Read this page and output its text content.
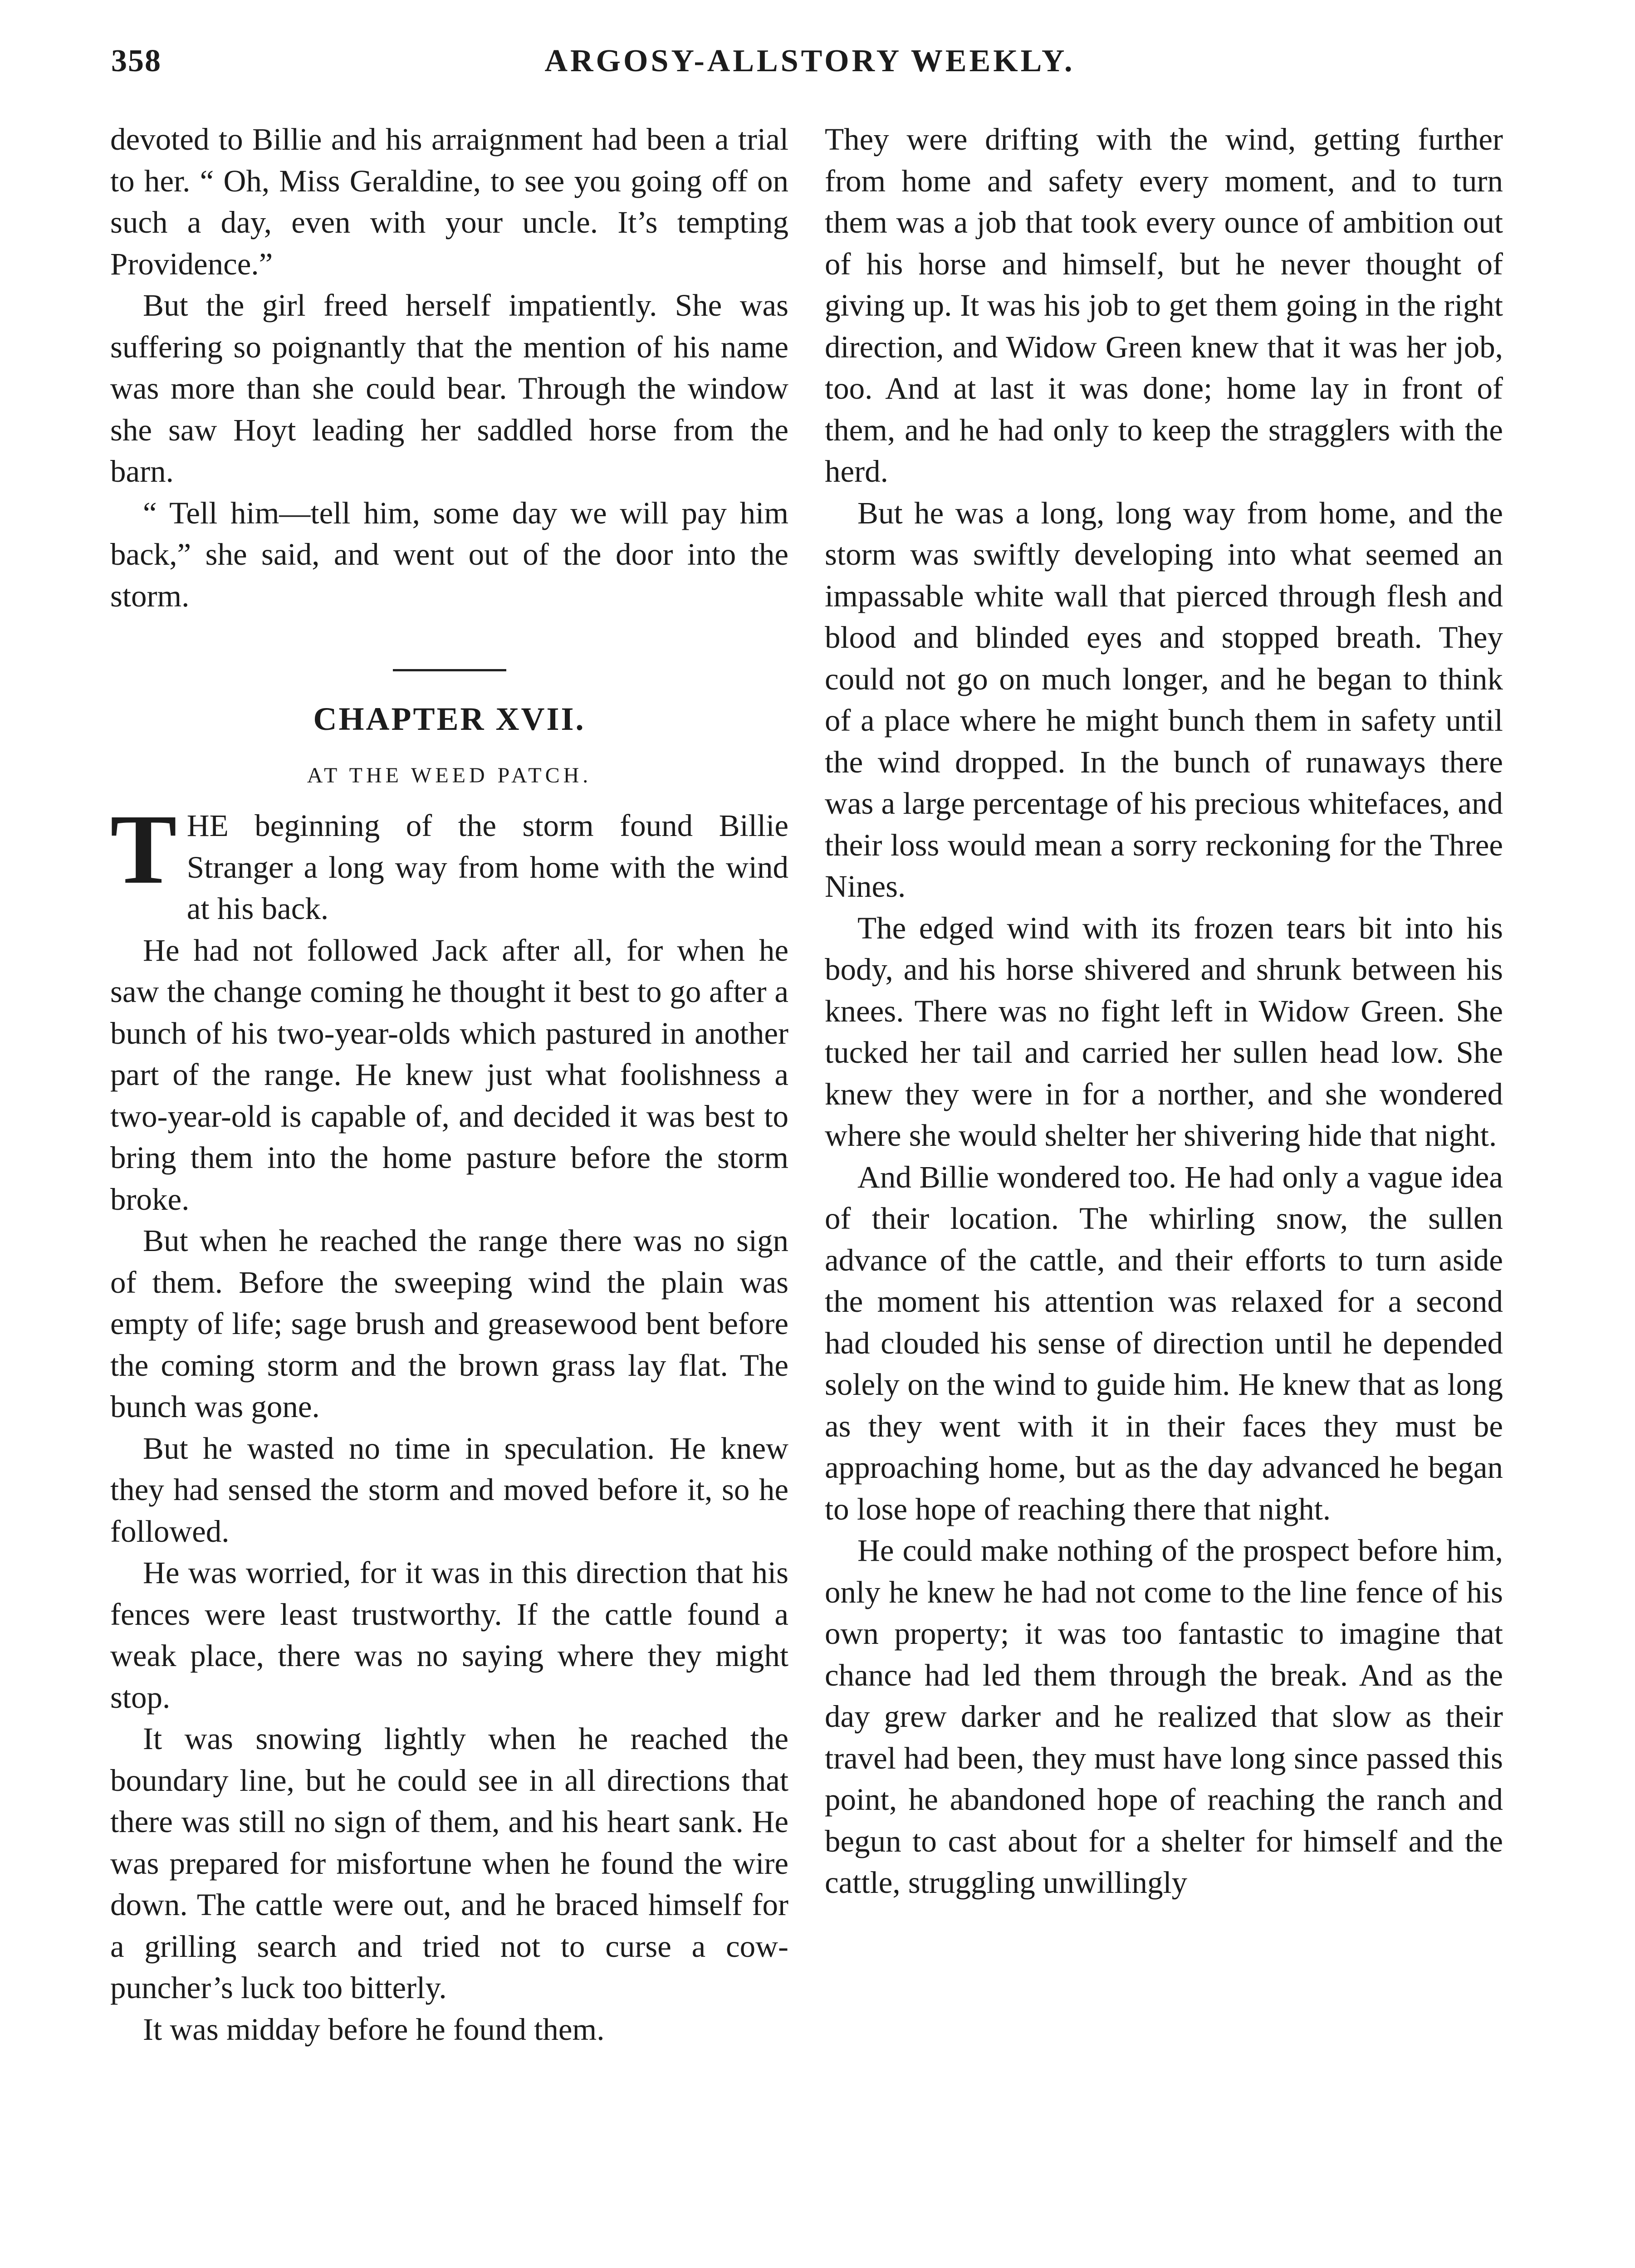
358	ARGOSY-ALLSTORY WEEKLY.

devoted to Billie and his arraignment had been a trial to her. “ Oh, Miss Geraldine, to see you going off on such a day, even with your uncle. It’s tempting Providence.”

But the girl freed herself impatiently. She was suffering so poignantly that the mention of his name was more than she could bear. Through the window she saw Hoyt leading her saddled horse from the barn.

“ Tell him—tell him, some day we will pay him back,” she said, and went out of the door into the storm.

CHAPTER XVII.
AT THE WEED PATCH.

THE beginning of the storm found Billie Stranger a long way from home with the wind at his back.

He had not followed Jack after all, for when he saw the change coming he thought it best to go after a bunch of his two-year-olds which pastured in another part of the range. He knew just what foolishness a two-year-old is capable of, and decided it was best to bring them into the home pasture before the storm broke.

But when he reached the range there was no sign of them. Before the sweeping wind the plain was empty of life; sage brush and greasewood bent before the coming storm and the brown grass lay flat. The bunch was gone.

But he wasted no time in speculation. He knew they had sensed the storm and moved before it, so he followed.

He was worried, for it was in this direction that his fences were least trustworthy. If the cattle found a weak place, there was no saying where they might stop.

It was snowing lightly when he reached the boundary line, but he could see in all directions that there was still no sign of them, and his heart sank. He was prepared for misfortune when he found the wire down. The cattle were out, and he braced himself for a grilling search and tried not to curse a cow-puncher’s luck too bitterly.

It was midday before he found them.

They were drifting with the wind, getting further from home and safety every moment, and to turn them was a job that took every ounce of ambition out of his horse and himself, but he never thought of giving up. It was his job to get them going in the right direction, and Widow Green knew that it was her job, too. And at last it was done; home lay in front of them, and he had only to keep the stragglers with the herd.

But he was a long, long way from home, and the storm was swiftly developing into what seemed an impassable white wall that pierced through flesh and blood and blinded eyes and stopped breath. They could not go on much longer, and he began to think of a place where he might bunch them in safety until the wind dropped. In the bunch of runaways there was a large percentage of his precious whitefaces, and their loss would mean a sorry reckoning for the Three Nines.

The edged wind with its frozen tears bit into his body, and his horse shivered and shrunk between his knees. There was no fight left in Widow Green. She tucked her tail and carried her sullen head low. She knew they were in for a norther, and she wondered where she would shelter her shivering hide that night.

And Billie wondered too. He had only a vague idea of their location. The whirling snow, the sullen advance of the cattle, and their efforts to turn aside the moment his attention was relaxed for a second had clouded his sense of direction until he depended solely on the wind to guide him. He knew that as long as they went with it in their faces they must be approaching home, but as the day advanced he began to lose hope of reaching there that night.

He could make nothing of the prospect before him, only he knew he had not come to the line fence of his own property; it was too fantastic to imagine that chance had led them through the break. And as the day grew darker and he realized that slow as their travel had been, they must have long since passed this point, he abandoned hope of reaching the ranch and begun to cast about for a shelter for himself and the cattle, struggling unwillingly
